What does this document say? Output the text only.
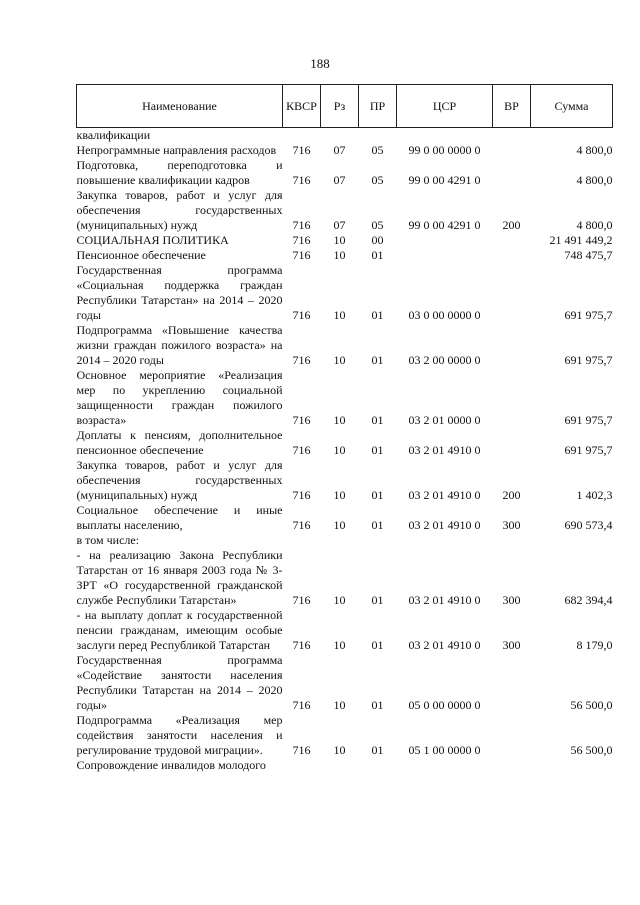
188
Наименование	КВСР	Рз	ПР	ЦСР	ВР	Сумма
квалификации						
Непрограммные направления расходов	716	07	05	99 0 00 0000 0		4 800,0
Подготовка, переподготовка и повышение квалификации кадров	716	07	05	99 0 00 4291 0		4 800,0
Закупка товаров, работ и услуг для обеспечения государственных (муниципальных) нужд	716	07	05	99 0 00 4291 0	200	4 800,0
СОЦИАЛЬНАЯ ПОЛИТИКА	716	10	00			21 491 449,2
Пенсионное обеспечение	716	10	01			748 475,7
Государственная программа «Социальная поддержка граждан Республики Татарстан» на 2014 – 2020 годы	716	10	01	03 0 00 0000 0		691 975,7
Подпрограмма «Повышение качества жизни граждан пожилого возраста» на 2014 – 2020 годы	716	10	01	03 2 00 0000 0		691 975,7
Основное мероприятие «Реализация мер по укреплению социальной защищенности граждан пожилого возраста»	716	10	01	03 2 01 0000 0		691 975,7
Доплаты к пенсиям, дополнительное пенсионное обеспечение	716	10	01	03 2 01 4910 0		691 975,7
Закупка товаров, работ и услуг для обеспечения государственных (муниципальных) нужд	716	10	01	03 2 01 4910 0	200	1 402,3
Социальное обеспечение и иные выплаты населению,	716	10	01	03 2 01 4910 0	300	690 573,4
в том числе:						
- на реализацию Закона Республики Татарстан от 16 января 2003 года № 3-ЗРТ «О государственной гражданской службе Республики Татарстан»	716	10	01	03 2 01 4910 0	300	682 394,4
- на выплату доплат к государственной пенсии гражданам, имеющим особые заслуги перед Республикой Татарстан	716	10	01	03 2 01 4910 0	300	8 179,0
Государственная программа «Содействие занятости населения Республики Татарстан на 2014 – 2020 годы»	716	10	01	05 0 00 0000 0		56 500,0
Подпрограмма «Реализация мер содействия занятости населения и регулирование трудовой миграции».	716	10	01	05 1 00 0000 0		56 500,0
Сопровождение инвалидов молодого						
